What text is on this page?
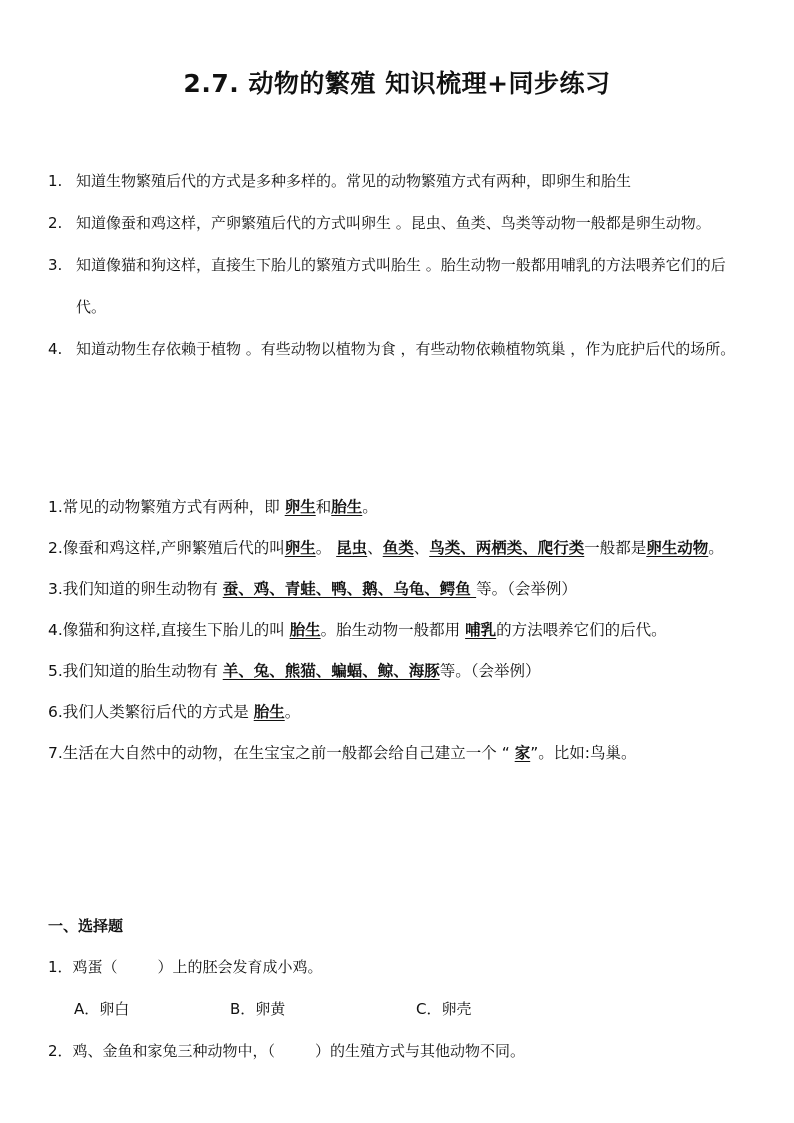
2.7. 动物的繁殖 知识梳理+同步练习
1. 知道生物繁殖后代的方式是多种多样的。常见的动物繁殖方式有两种，即卵生和胎生
2. 知道像蚕和鸡这样，产卵繁殖后代的方式叫卵生 。昆虫、鱼类、鸟类等动物一般都是卵生动物。
3. 知道像猫和狗这样，直接生下胎儿的繁殖方式叫胎生 。胎生动物一般都用哺乳的方法喂养它们的后代。
4. 知道动物生存依赖于植物 。有些动物以植物为食 ，有些动物依赖植物筑巢 ，作为庇护后代的场所。
1.常见的动物繁殖方式有两种，即 卵生和胎生。
2.像蚕和鸡这样,产卵繁殖后代的叫卵生。 昆虫、鱼类、鸟类、两栖类、爬行类一般都是卵生动物。
3.我们知道的卵生动物有 蚕、鸡、青蛙、鸭、鹅、乌龟、鳄鱼 等。（会举例）
4.像猫和狗这样,直接生下胎儿的叫 胎生。胎生动物一般都用 哺乳的方法喂养它们的后代。
5.我们知道的胎生动物有 羊、兔、熊猫、蝙蝠、鲸、海豚等。（会举例）
6.我们人类繁衍后代的方式是 胎生。
7.生活在大自然中的动物，在生宝宝之前一般都会给自己建立一个 “ 家”。比如:鸟巢。
一、选择题
1．鸡蛋（	）上的胚会发育成小鸡。
A．卵白	B．卵黄	C．卵壳
2．鸡、金鱼和家兔三种动物中，（	）的生殖方式与其他动物不同。
